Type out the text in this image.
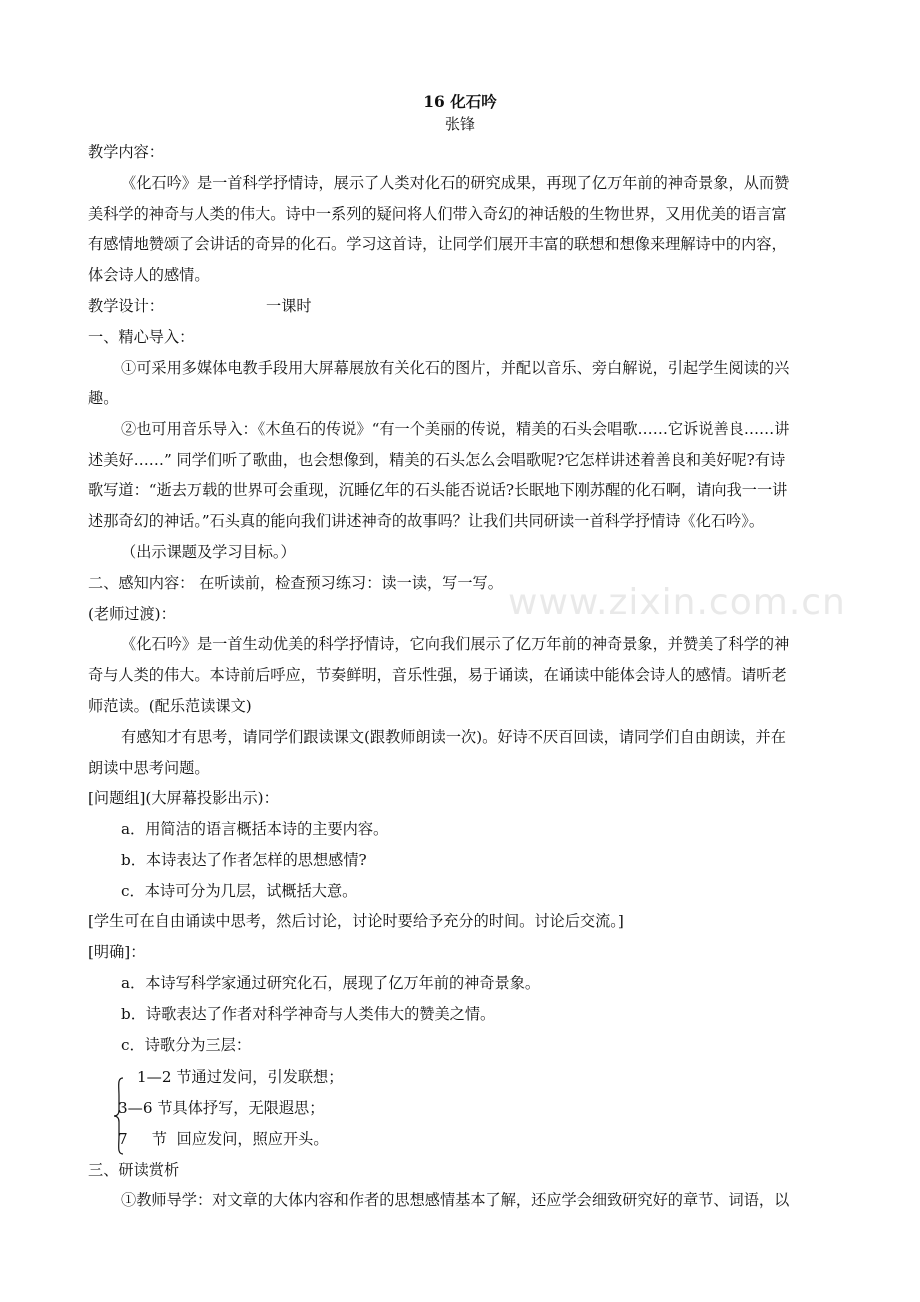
www.zixin.com.cn
16 化石吟
张锋
教学内容：
《化石吟》是一首科学抒情诗，展示了人类对化石的研究成果，再现了亿万年前的神奇景象，从而赞
美科学的神奇与人类的伟大。诗中一系列的疑问将人们带入奇幻的神话般的生物世界，又用优美的语言富
有感情地赞颂了会讲话的奇异的化石。学习这首诗，让同学们展开丰富的联想和想像来理解诗中的内容，
体会诗人的感情。
教学设计：	一课时
一、精心导入：
①可采用多媒体电教手段用大屏幕展放有关化石的图片，并配以音乐、旁白解说，引起学生阅读的兴
趣。
②也可用音乐导入：《木鱼石的传说》“有一个美丽的传说，精美的石头会唱歌……它诉说善良……讲
述美好……” 同学们听了歌曲，也会想像到，精美的石头怎么会唱歌呢?它怎样讲述着善良和美好呢?有诗
歌写道：“逝去万载的世界可会重现，沉睡亿年的石头能否说话?长眠地下刚苏醒的化石啊，请向我一一讲
述那奇幻的神话。”石头真的能向我们讲述神奇的故事吗？让我们共同研读一首科学抒情诗《化石吟》。
（出示课题及学习目标。）
二、感知内容： 在听读前，检查预习练习：读一读，写一写。
(老师过渡)：
《化石吟》是一首生动优美的科学抒情诗，它向我们展示了亿万年前的神奇景象，并赞美了科学的神
奇与人类的伟大。本诗前后呼应，节奏鲜明，音乐性强，易于诵读，在诵读中能体会诗人的感情。请听老
师范读。(配乐范读课文)
有感知才有思考，请同学们跟读课文(跟教师朗读一次)。好诗不厌百回读，请同学们自由朗读，并在
朗读中思考问题。
[问题组](大屏幕投影出示)：
a．用简洁的语言概括本诗的主要内容。
b．本诗表达了作者怎样的思想感情?
c．本诗可分为几层，试概括大意。
[学生可在自由诵读中思考，然后讨论，讨论时要给予充分的时间。讨论后交流。]
[明确]：
a．本诗写科学家通过研究化石，展现了亿万年前的神奇景象。
b．诗歌表达了作者对科学神奇与人类伟大的赞美之情。
c．诗歌分为三层：
1—2 节通过发问，引发联想；
3—6 节具体抒写，无限遐思；
7     节  回应发问，照应开头。
三、研读赏析
①教师导学：对文章的大体内容和作者的思想感情基本了解，还应学会细致研究好的章节、词语，以
